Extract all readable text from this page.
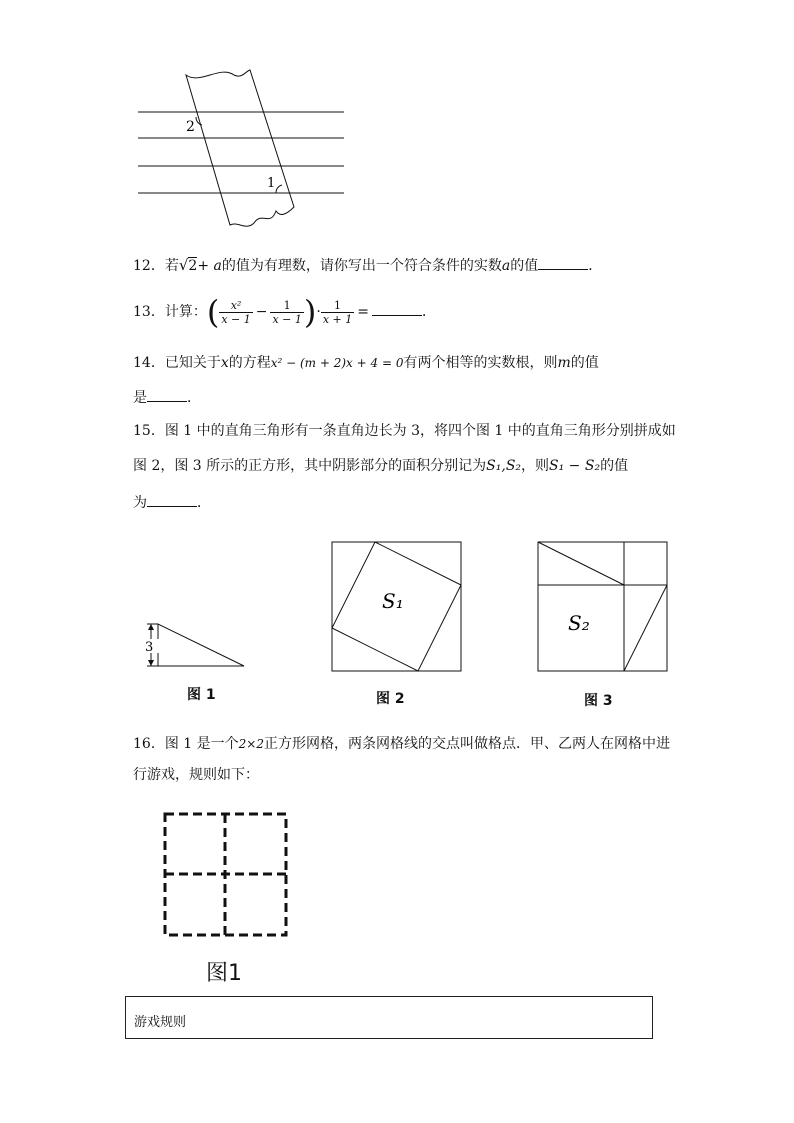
2
1
12．若√2+ a的值为有理数，请你写出一个符合条件的实数a的值	．
13．计算：( $\frac{\text{x²}}{x - 1} - \frac{1}{x - 1}$ )· $\frac{1}{x + 1}$ =	．
14．已知关于x的方程x² − (m + 2)x + 4 = 0有两个相等的实数根，则m的值
是	．
15．图 1 中的直角三角形有一条直角边长为 3，将四个图 1 中的直角三角形分别拼成如
图 2，图 3 所示的正方形，其中阴影部分的面积分别记为S₁,S₂，则S₁ − S₂的值
为	．
3
图 1
S₁
图 2
S₂
图 3
16．图 1 是一个2×2正方形网格，两条网格线的交点叫做格点．甲、乙两人在网格中进
行游戏，规则如下：
图1
游戏规则
